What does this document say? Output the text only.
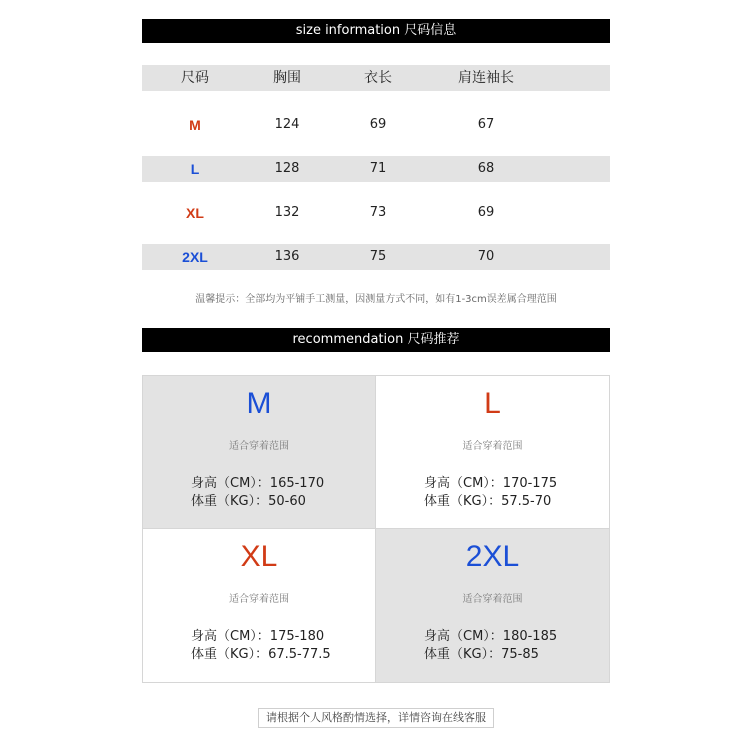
size information 尺码信息
尺码	胸围	衣长	肩连袖长
M	124	69	67
L	128	71	68
XL	132	73	69
2XL	136	75	70
温馨提示：全部均为平铺手工测量，因测量方式不同，如有1-3cm误差属合理范围
recommendation 尺码推荐
M
适合穿着范围
身高（CM）：165-170
体重（KG）：50-60
L
适合穿着范围
身高（CM）：170-175
体重（KG）：57.5-70
XL
适合穿着范围
身高（CM）：175-180
体重（KG）：67.5-77.5
2XL
适合穿着范围
身高（CM）：180-185
体重（KG）：75-85
请根据个人风格酌情选择，详情咨询在线客服
